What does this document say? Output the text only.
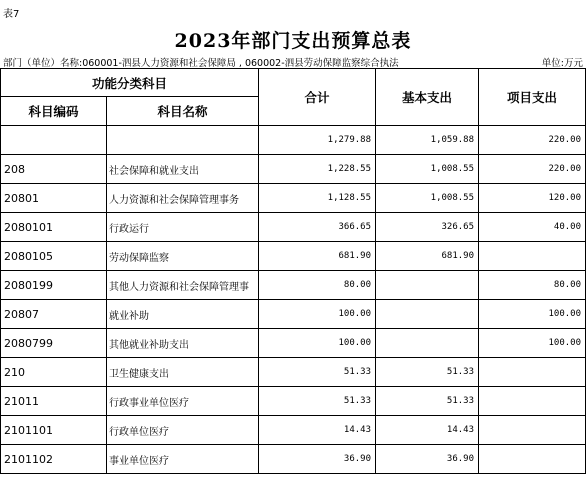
表7
2023年部门支出预算总表
部门（单位）名称:060001-泗县人力资源和社会保障局 , 060002-泗县劳动保障监察综合执法	单位:万元
功能分类科目		合计	基本支出	项目支出
科目编码	科目名称			
		1,279.88	1,059.88	220.00
208	社会保障和就业支出	1,228.55	1,008.55	220.00
20801	人力资源和社会保障管理事务	1,128.55	1,008.55	120.00
2080101	行政运行	366.65	326.65	40.00
2080105	劳动保障监察	681.90	681.90	
2080199	其他人力资源和社会保障管理事	80.00		80.00
20807	就业补助	100.00		100.00
2080799	其他就业补助支出	100.00		100.00
210	卫生健康支出	51.33	51.33	
21011	行政事业单位医疗	51.33	51.33	
2101101	行政单位医疗	14.43	14.43	
2101102	事业单位医疗	36.90	36.90	
